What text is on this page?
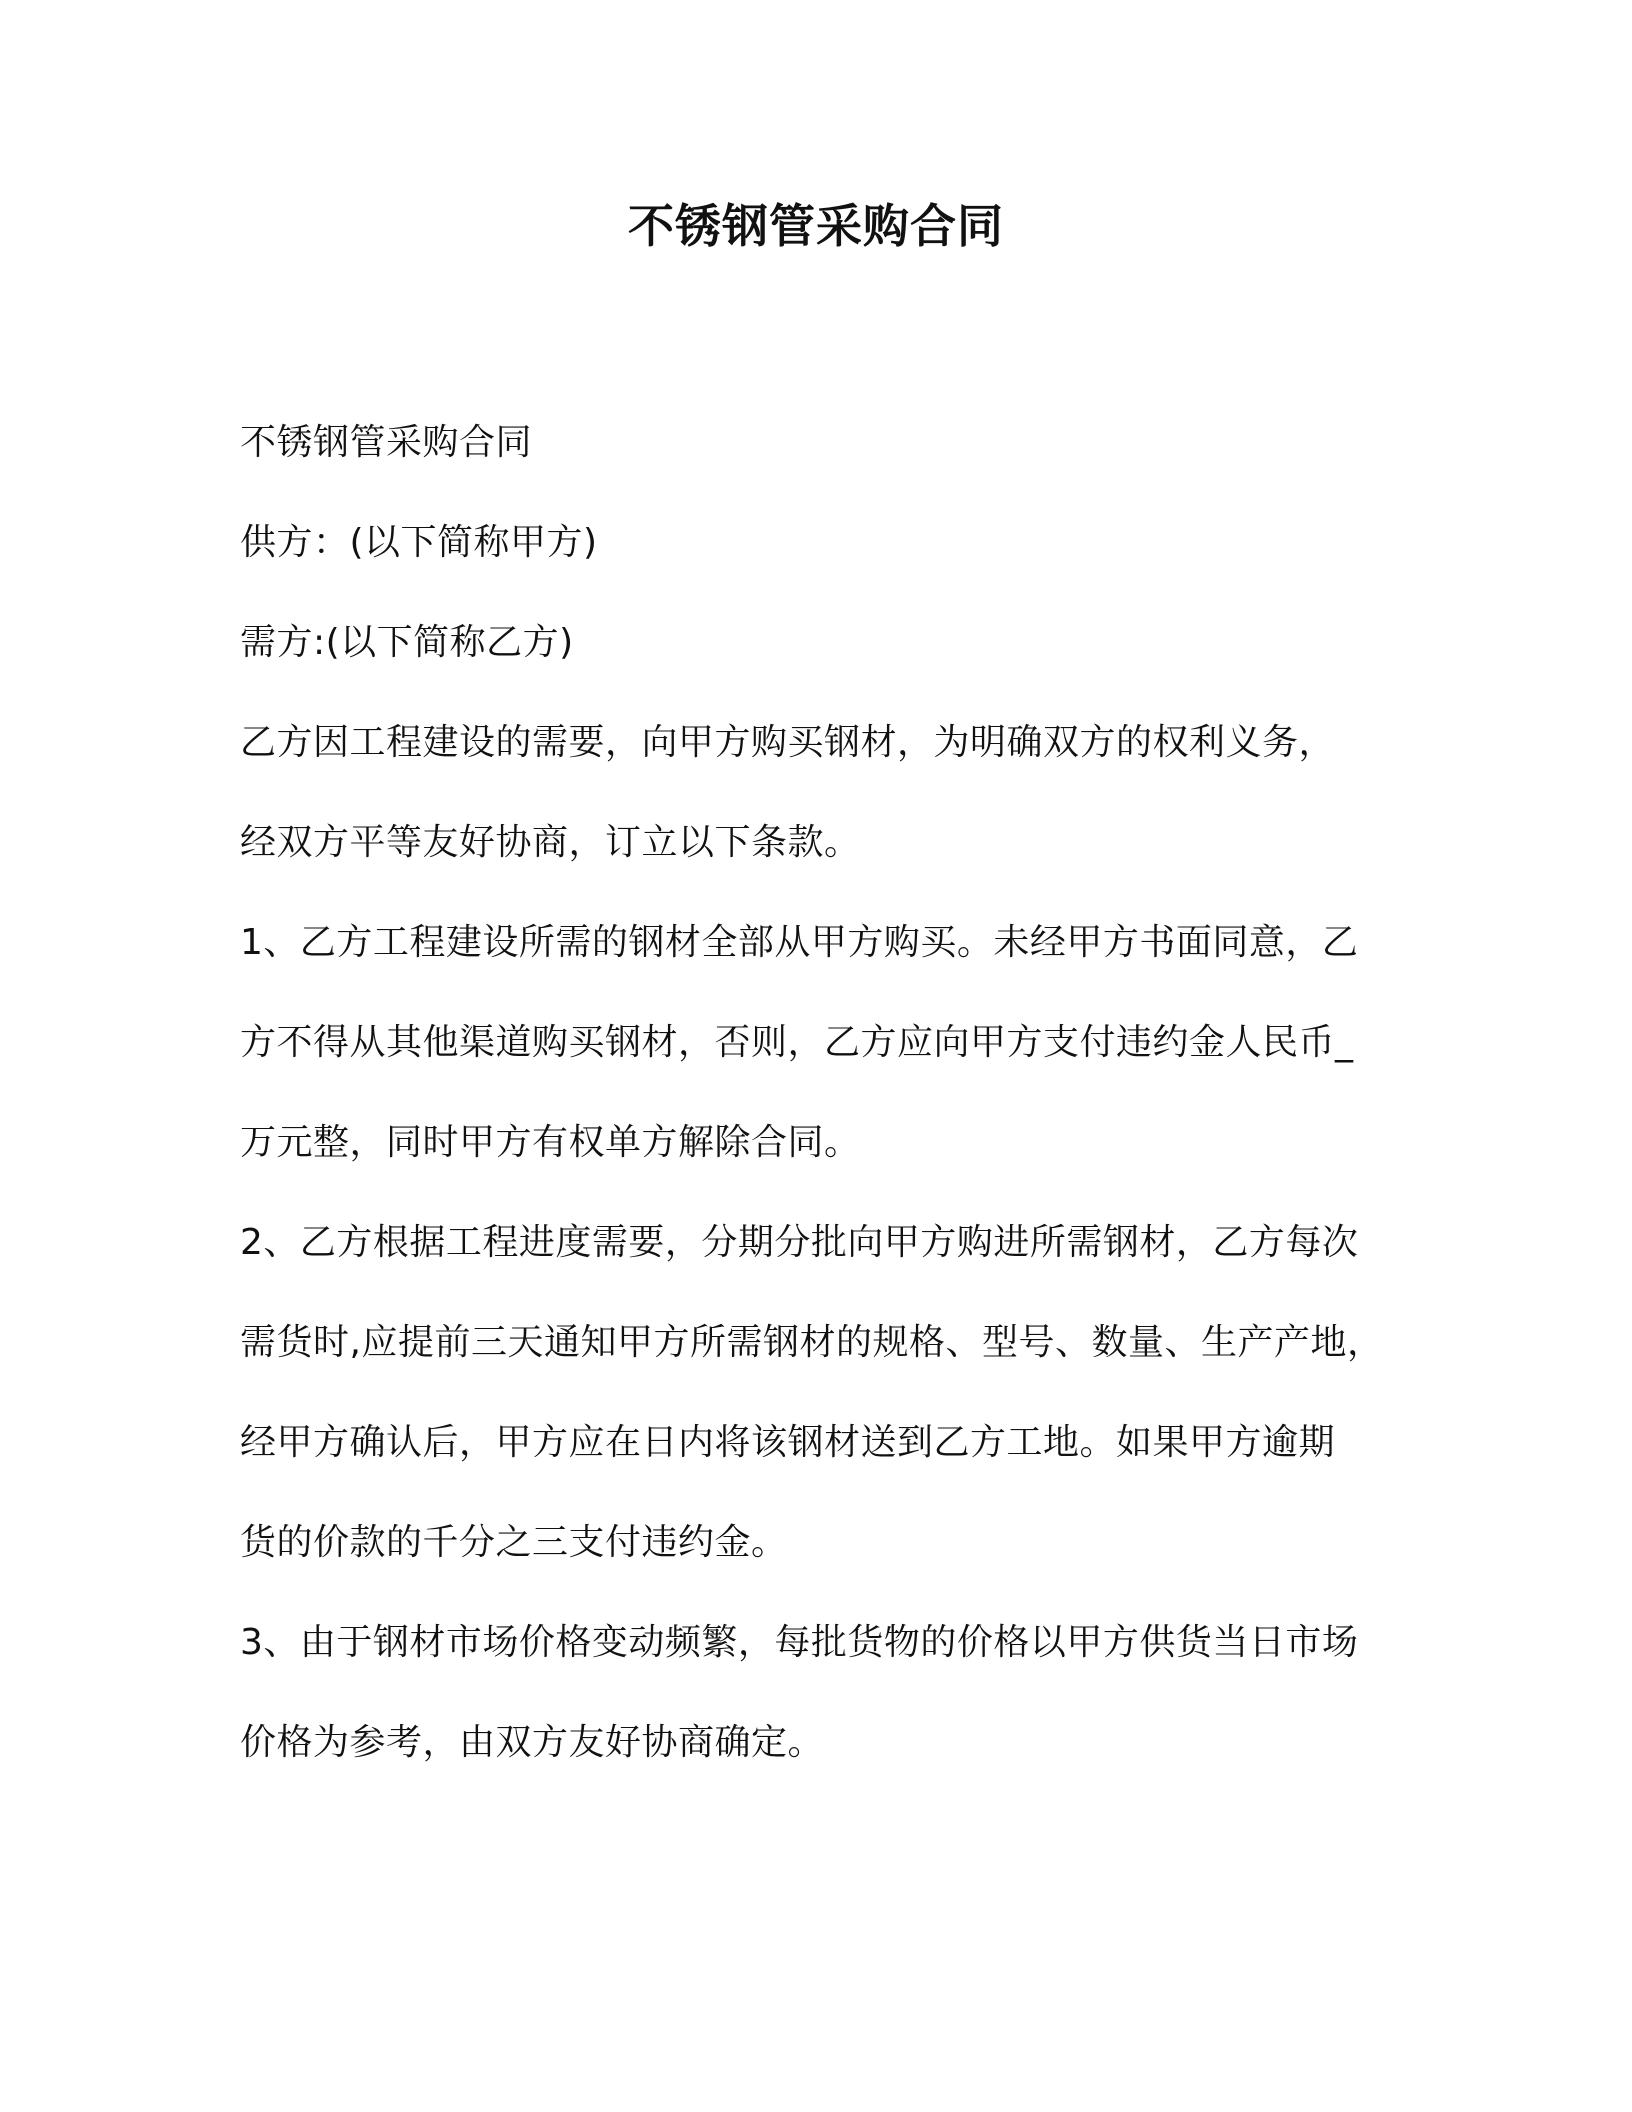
不锈钢管采购合同
不锈钢管采购合同
供方：(以下简称甲方)
需方:(以下简称乙方)
乙方因工程建设的需要，向甲方购买钢材，为明确双方的权利义务，
经双方平等友好协商，订立以下条款。
1、乙方工程建设所需的钢材全部从甲方购买。未经甲方书面同意，乙
方不得从其他渠道购买钢材，否则，乙方应向甲方支付违约金人民币_
万元整，同时甲方有权单方解除合同。
2、乙方根据工程进度需要，分期分批向甲方购进所需钢材，乙方每次
需货时,应提前三天通知甲方所需钢材的规格、型号、数量、生产产地，
经甲方确认后，甲方应在日内将该钢材送到乙方工地。如果甲方逾期
货的价款的千分之三支付违约金。
3、由于钢材市场价格变动频繁，每批货物的价格以甲方供货当日市场
价格为参考，由双方友好协商确定。
